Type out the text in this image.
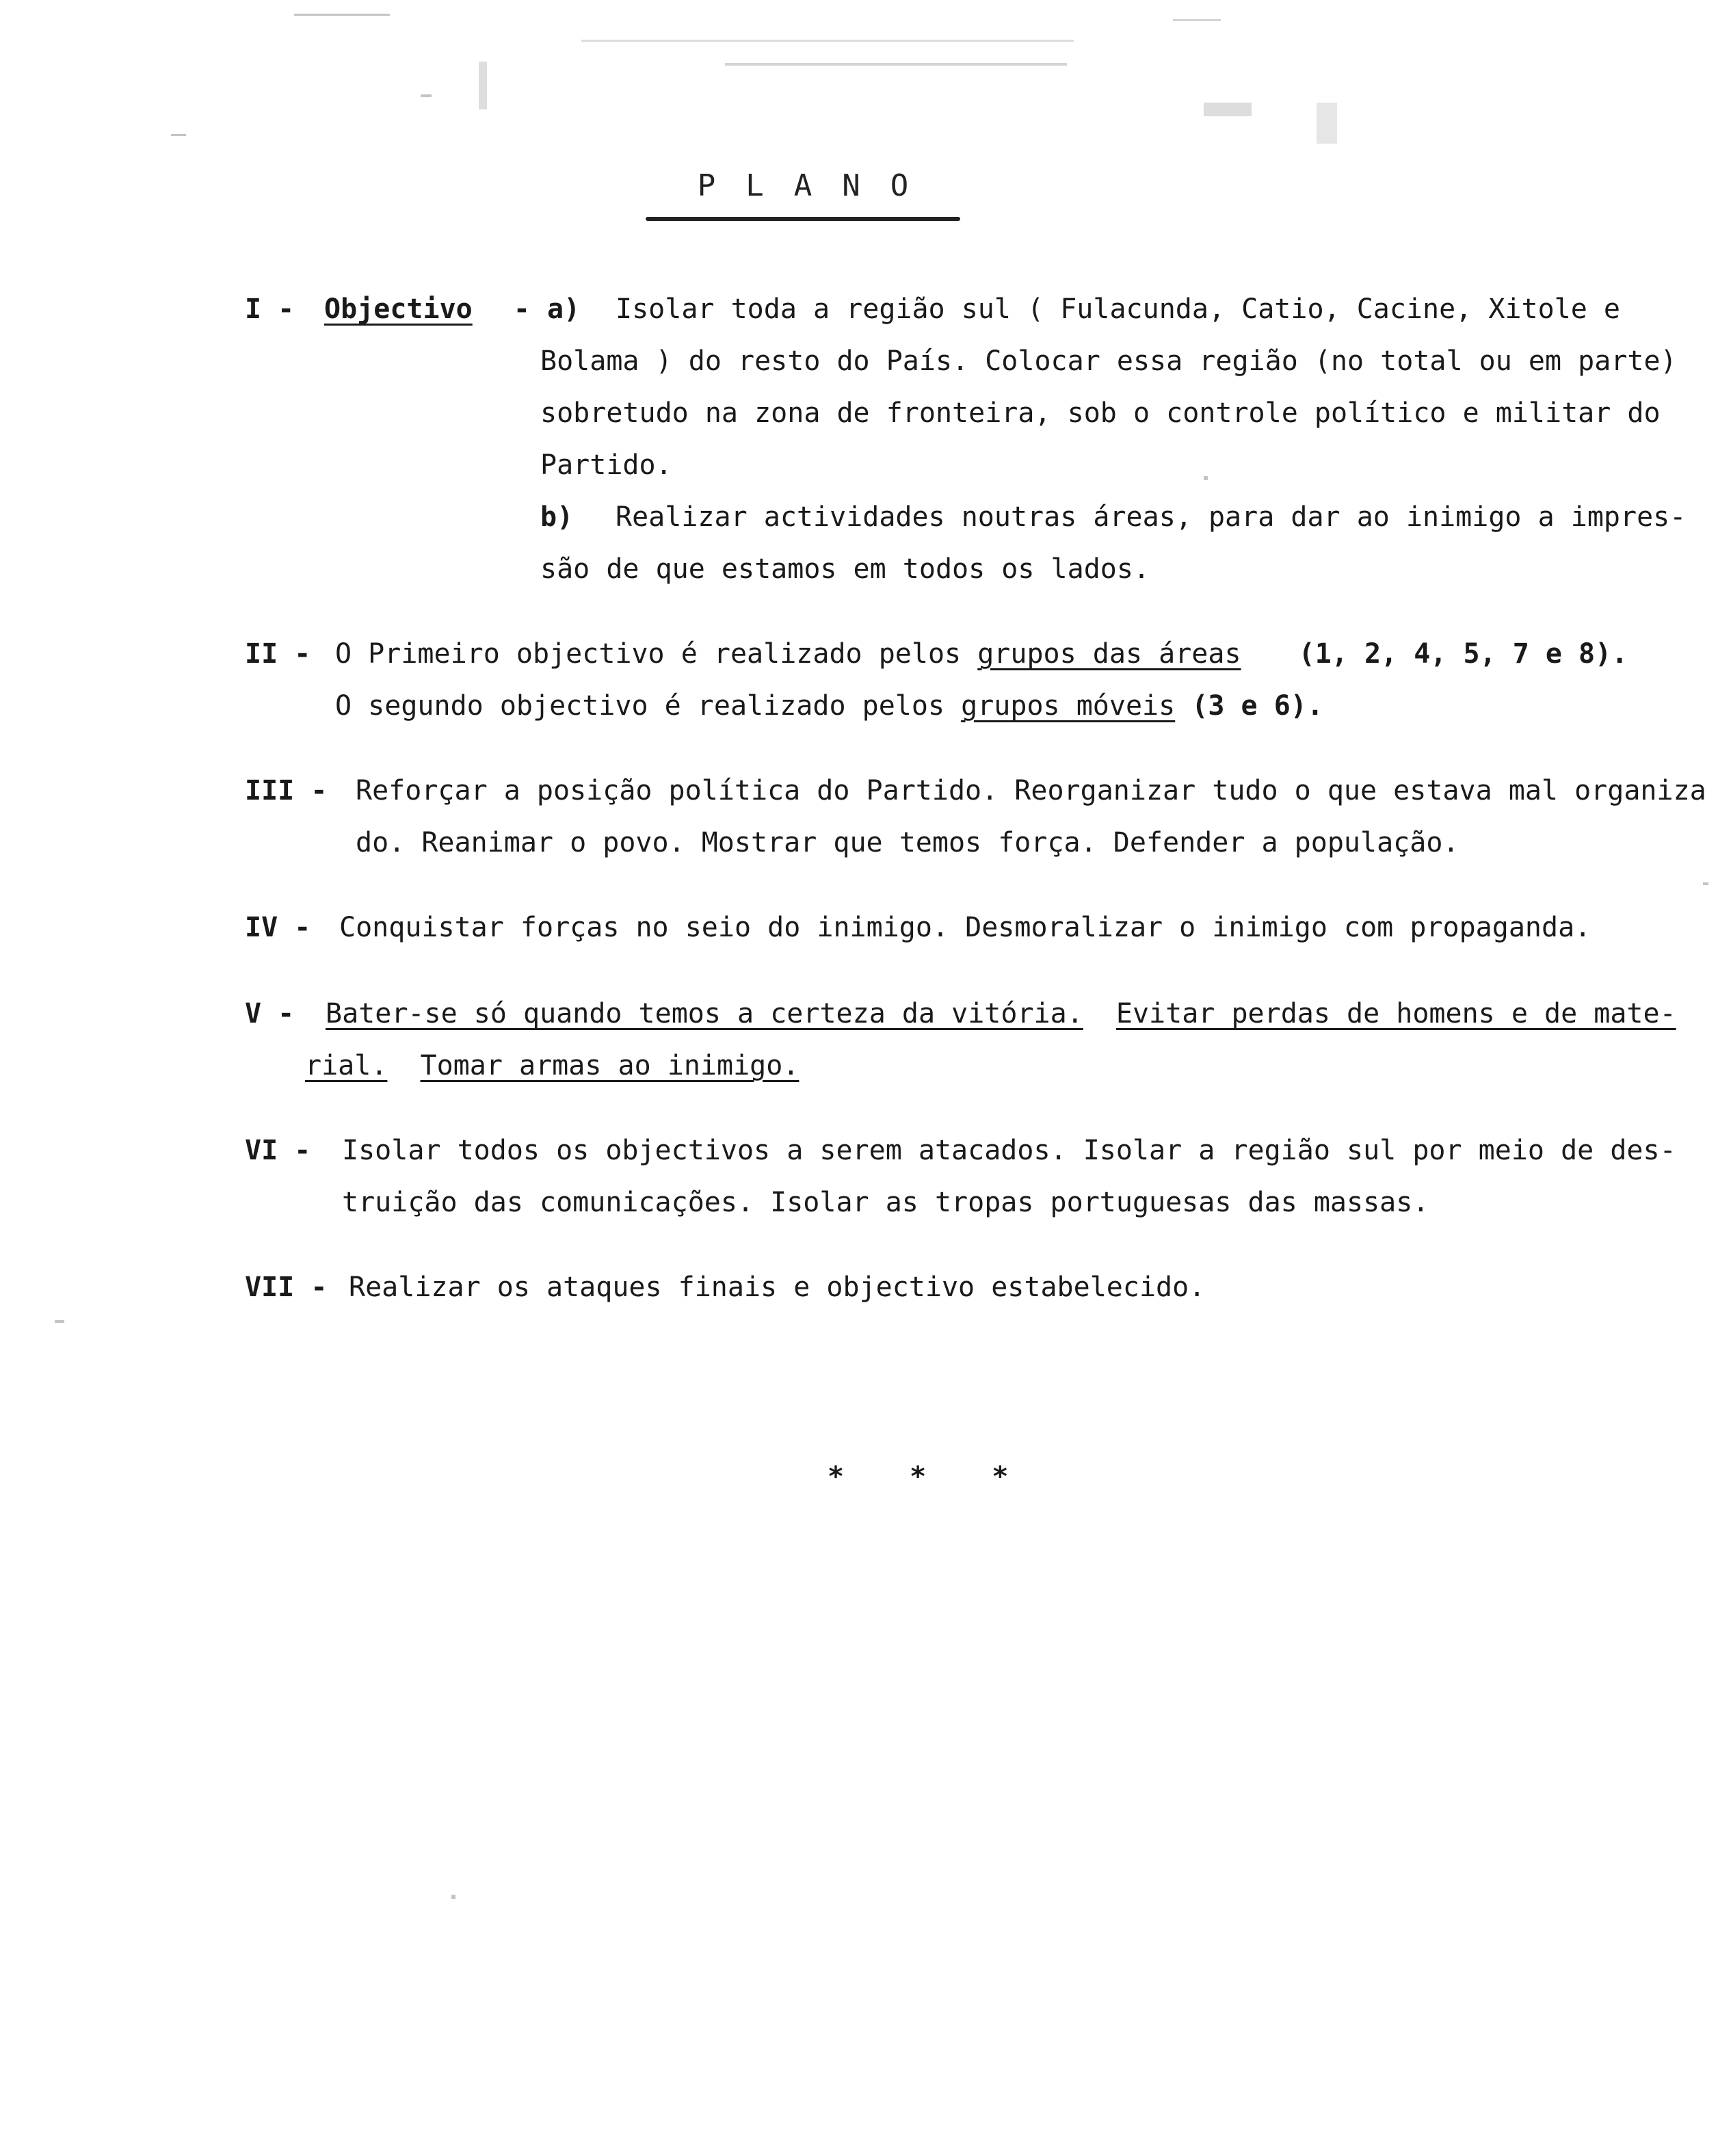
PLANO
I - Objectivo - a) Isolar toda a região sul ( Fulacunda, Catio, Cacine, Xitole e
Bolama ) do resto do País. Colocar essa região (no total ou em parte)
sobretudo na zona de fronteira, sob o controle político e militar do
Partido.
b) Realizar actividades noutras áreas, para dar ao inimigo a impres-
são de que estamos em todos os lados.
II - O Primeiro objectivo é realizado pelos grupos das áreas (1, 2, 4, 5, 7 e 8).
O segundo objectivo é realizado pelos grupos móveis (3 e 6).
III - Reforçar a posição política do Partido. Reorganizar tudo o que estava mal organiza
do. Reanimar o povo. Mostrar que temos força. Defender a população.
IV - Conquistar forças no seio do inimigo. Desmoralizar o inimigo com propaganda.
V - Bater-se só quando temos a certeza da vitória. Evitar perdas de homens e de mate-
rial. Tomar armas ao inimigo.
VI - Isolar todos os objectivos a serem atacados. Isolar a região sul por meio de des-
truição das comunicações. Isolar as tropas portuguesas das massas.
VII - Realizar os ataques finais e objectivo estabelecido.
* * *
